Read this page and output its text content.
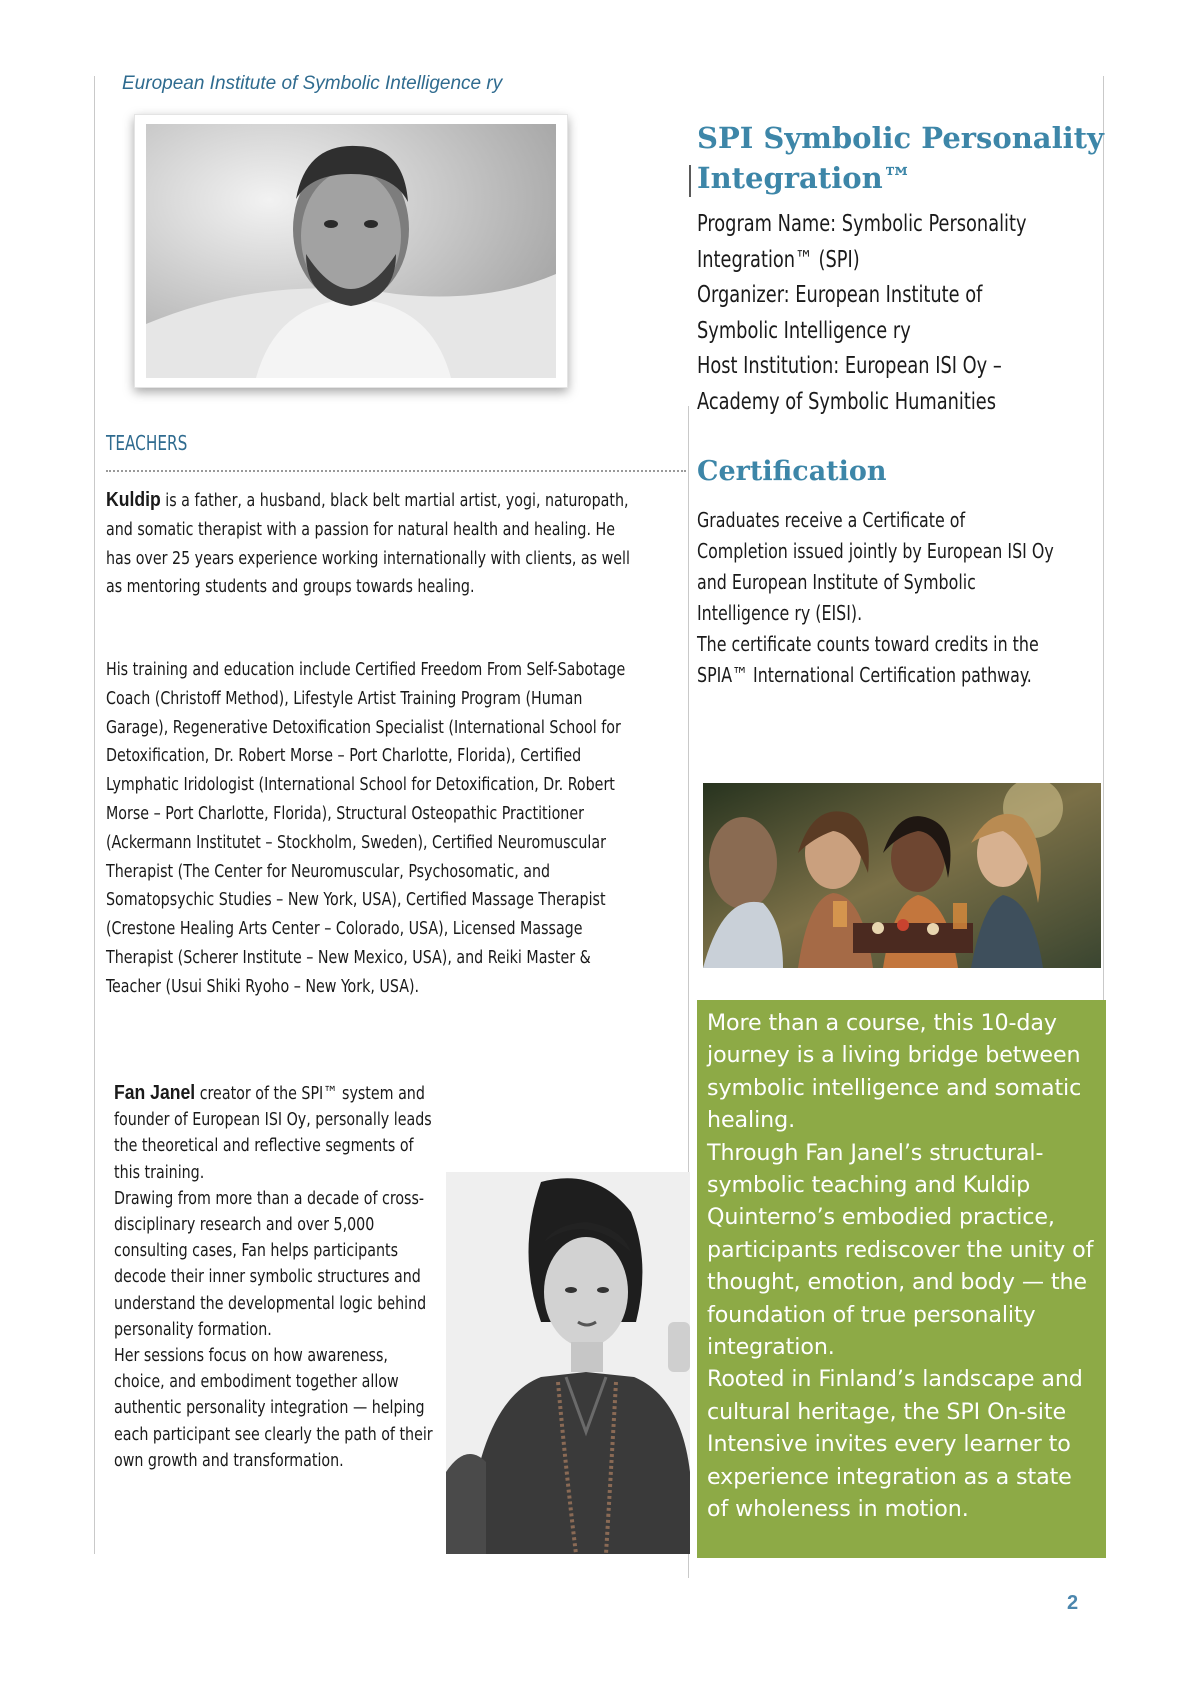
European Institute of Symbolic Intelligence ry
TEACHERS
Kuldip is a father, a husband, black belt martial artist, yogi, naturopath, and somatic therapist with a passion for natural health and healing. He has over 25 years experience working internationally with clients, as well as mentoring students and groups towards healing.
His training and education include Certified Freedom From Self-Sabotage Coach (Christoff Method), Lifestyle Artist Training Program (Human Garage), Regenerative Detoxification Specialist (International School for Detoxification, Dr. Robert Morse – Port Charlotte, Florida), Certified Lymphatic Iridologist (International School for Detoxification, Dr. Robert Morse – Port Charlotte, Florida), Structural Osteopathic Practitioner (Ackermann Institutet – Stockholm, Sweden), Certified Neuromuscular Therapist (The Center for Neuromuscular, Psychosomatic, and Somatopsychic Studies – New York, USA), Certified Massage Therapist (Crestone Healing Arts Center – Colorado, USA), Licensed Massage Therapist (Scherer Institute – New Mexico, USA), and Reiki Master & Teacher (Usui Shiki Ryoho – New York, USA).
Fan Janel creator of the SPI™ system and founder of European ISI Oy, personally leads the theoretical and reflective segments of this training.
Drawing from more than a decade of cross-disciplinary research and over 5,000 consulting cases, Fan helps participants decode their inner symbolic structures and understand the developmental logic behind personality formation.
Her sessions focus on how awareness, choice, and embodiment together allow authentic personality integration — helping each participant see clearly the path of their own growth and transformation.
SPI Symbolic Personality
Integration™
Program Name: Symbolic Personality
Integration™ (SPI)
Organizer: European Institute of
Symbolic Intelligence ry
Host Institution: European ISI Oy –
Academy of Symbolic Humanities
Certification
Graduates receive a Certificate of Completion issued jointly by European ISI Oy and European Institute of Symbolic Intelligence ry (EISI).
The certificate counts toward credits in the SPIA™ International Certification pathway.
More than a course, this 10-day journey is a living bridge between symbolic intelligence and somatic healing.
Through Fan Janel’s structural-symbolic teaching and Kuldip Quinterno’s embodied practice, participants rediscover the unity of thought, emotion, and body — the foundation of true personality integration.
Rooted in Finland’s landscape and cultural heritage, the SPI On-site Intensive invites every learner to experience integration as a state of wholeness in motion.
2
